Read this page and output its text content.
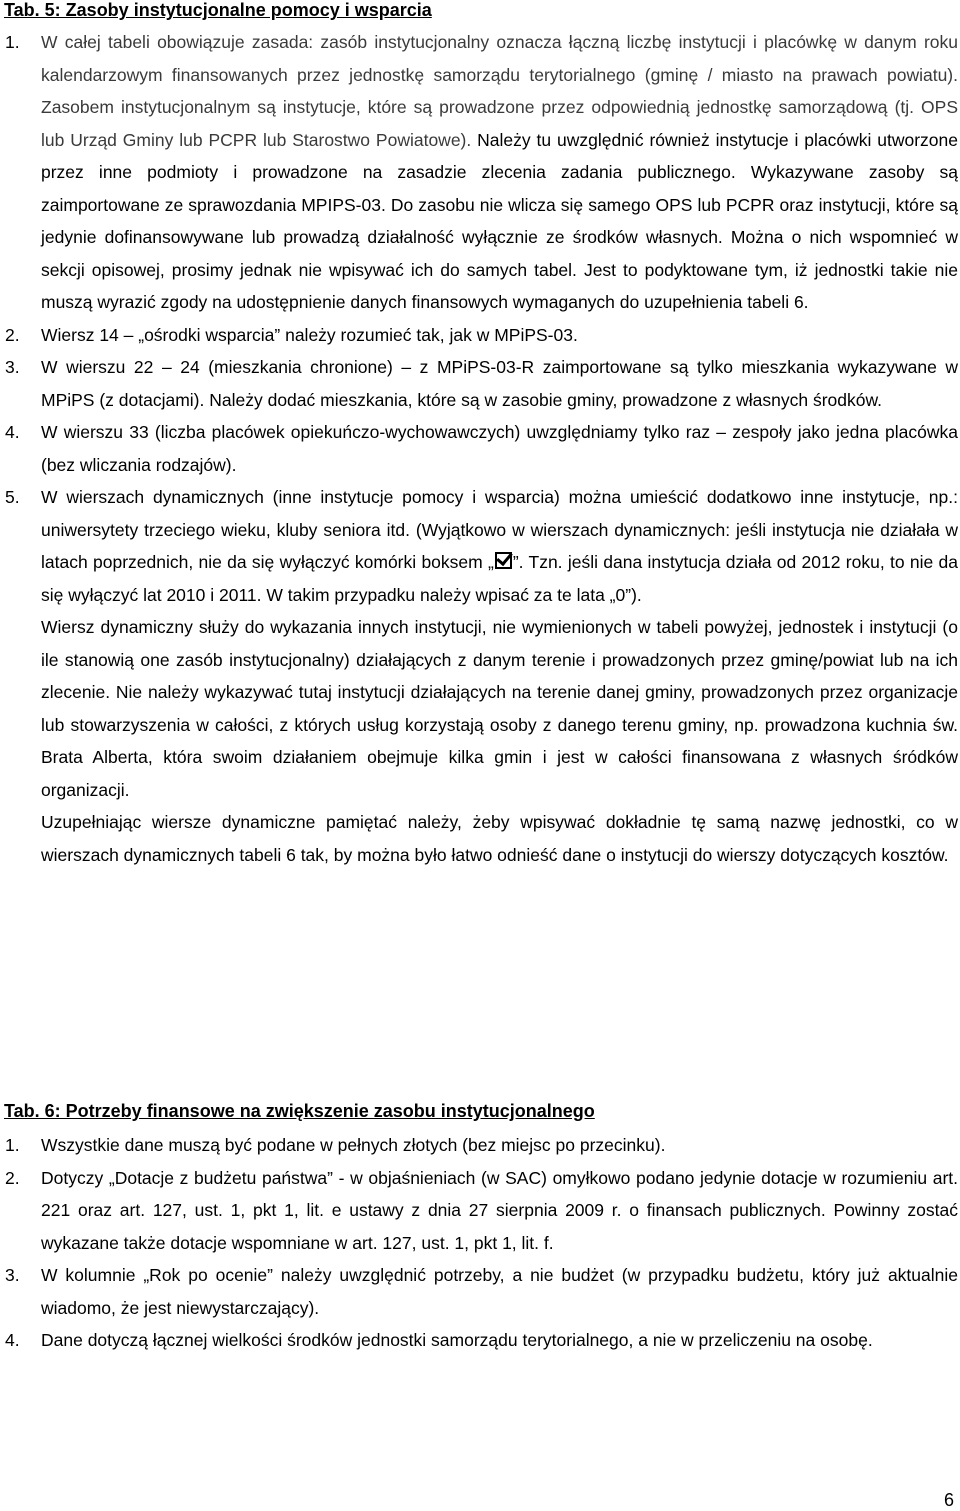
Tab. 5: Zasoby instytucjonalne pomocy i wsparcia
1. W całej tabeli obowiązuje zasada: zasób instytucjonalny oznacza łączną liczbę instytucji i placówkę w danym roku kalendarzowym finansowanych przez jednostkę samorządu terytorialnego (gminę / miasto na prawach powiatu). Zasobem instytucjonalnym są instytucje, które są prowadzone przez odpowiednią jednostkę samorządową (tj. OPS lub Urząd Gminy lub PCPR lub Starostwo Powiatowe). Należy tu uwzględnić również instytucje i placówki utworzone przez inne podmioty i prowadzone na zasadzie zlecenia zadania publicznego. Wykazywane zasoby są zaimportowane ze sprawozdania MPIPS-03. Do zasobu nie wlicza się samego OPS lub PCPR oraz instytucji, które są jedynie dofinansowywane lub prowadzą działalność wyłącznie ze środków własnych. Można o nich wspomnieć w sekcji opisowej, prosimy jednak nie wpisywać ich do samych tabel. Jest to podyktowane tym, iż jednostki takie nie muszą wyrazić zgody na udostępnienie danych finansowych wymaganych do uzupełnienia tabeli 6.
2. Wiersz 14 – „ośrodki wsparcia” należy rozumieć tak, jak w MPiPS-03.
3. W wierszu 22 – 24 (mieszkania chronione) – z MPiPS-03-R zaimportowane są tylko mieszkania wykazywane w MPiPS (z dotacjami). Należy dodać mieszkania, które są w zasobie gminy, prowadzone z własnych środków.
4. W wierszu 33 (liczba placówek opiekuńczo-wychowawczych) uwzględniamy tylko raz – zespoły jako jedna placówka (bez wliczania rodzajów).
5. W wierszach dynamicznych (inne instytucje pomocy i wsparcia) można umieścić dodatkowo inne instytucje, np.: uniwersytety trzeciego wieku, kluby seniora itd. (Wyjątkowo w wierszach dynamicznych: jeśli instytucja nie działała w latach poprzednich, nie da się wyłączyć komórki boksem „ ”. Tzn. jeśli dana instytucja działa od 2012 roku, to nie da się wyłączyć lat 2010 i 2011. W takim przypadku należy wpisać za te lata „0”).

Wiersz dynamiczny służy do wykazania innych instytucji, nie wymienionych w tabeli powyżej, jednostek i instytucji (o ile stanowią one zasób instytucjonalny) działających z danym terenie i prowadzonych przez gminę/powiat lub na ich zlecenie. Nie należy wykazywać tutaj instytucji działających na terenie danej gminy, prowadzonych przez organizacje lub stowarzyszenia w całości, z których usług korzystają osoby z danego terenu gminy, np. prowadzona kuchnia św. Brata Alberta, która swoim działaniem obejmuje kilka gmin i jest w całości finansowana z własnych śródków organizacji.

Uzupełniając wiersze dynamiczne pamiętać należy, żeby wpisywać dokładnie tę samą nazwę jednostki, co w wierszach dynamicznych tabeli 6 tak, by można było łatwo odnieść dane o instytucji do wierszy dotyczących kosztów.

Tab. 6: Potrzeby finansowe na zwiększenie zasobu instytucjonalnego
1. Wszystkie dane muszą być podane w pełnych złotych (bez miejsc po przecinku).
2. Dotyczy „Dotacje z budżetu państwa” - w objaśnieniach (w SAC) omyłkowo podano jedynie dotacje w rozumieniu art. 221 oraz art. 127, ust. 1, pkt 1, lit. e ustawy z dnia 27 sierpnia 2009 r. o finansach publicznych. Powinny zostać wykazane także dotacje wspomniane w art. 127, ust. 1, pkt 1, lit. f.
3. W kolumnie „Rok po ocenie” należy uwzględnić potrzeby, a nie budżet (w przypadku budżetu, który już aktualnie wiadomo, że jest niewystarczający).
4. Dane dotyczą łącznej wielkości środków jednostki samorządu terytorialnego, a nie w przeliczeniu na osobę.
6
